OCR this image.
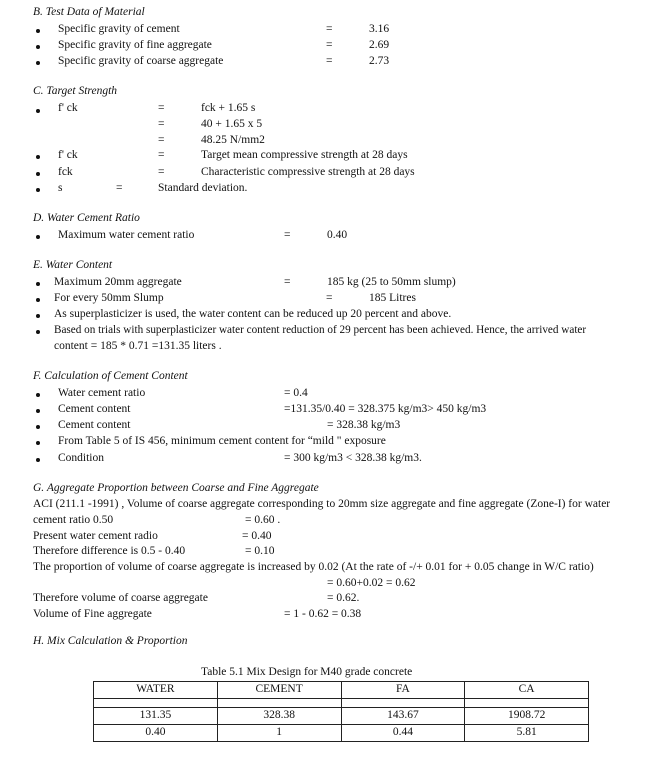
B. Test Data of Material
Specific gravity of cement	=	3.16
Specific gravity of fine aggregate	=	2.69
Specific gravity of coarse aggregate	=	2.73
C. Target Strength
f' ck	=	fck + 1.65 s
=	40 + 1.65 x 5
=	48.25 N/mm2
f' ck	=	Target mean compressive strength at 28 days
fck	=	Characteristic compressive strength at 28 days
s	=	Standard deviation.
D. Water Cement Ratio
Maximum water cement ratio	=	0.40
E. Water Content
Maximum 20mm aggregate	=	185 kg (25 to 50mm slump)
For every 50mm Slump	=	185 Litres
As superplasticizer is used, the water content can be reduced up 20 percent and above.
Based on trials with superplasticizer water content reduction of 29 percent has been achieved. Hence, the arrived water
content = 185 * 0.71 =131.35 liters .
F. Calculation of Cement Content
Water cement ratio	= 0.4
Cement content	=131.35/0.40 = 328.375 kg/m3> 450 kg/m3
Cement content	= 328.38 kg/m3
From Table 5 of IS 456, minimum cement content for “mild " exposure
Condition	= 300 kg/m3 < 328.38 kg/m3.
G. Aggregate Proportion between Coarse and Fine Aggregate
ACI (211.1 -1991) , Volume of coarse aggregate corresponding to 20mm size aggregate and fine aggregate (Zone-I) for water
cement ratio 0.50	= 0.60 .
Present water cement radio	= 0.40
Therefore difference is 0.5 - 0.40	= 0.10
The proportion of volume of coarse aggregate is increased by 0.02 (At the rate of -/+ 0.01 for + 0.05 change in W/C ratio)
= 0.60+0.02 = 0.62
Therefore volume of coarse aggregate	= 0.62.
Volume of Fine aggregate	= 1 - 0.62 = 0.38
H. Mix Calculation & Proportion
Table 5.1 Mix Design for M40 grade concrete
WATER	CEMENT	FA	CA

131.35	328.38	143.67	1908.72
0.40	1	0.44	5.81
